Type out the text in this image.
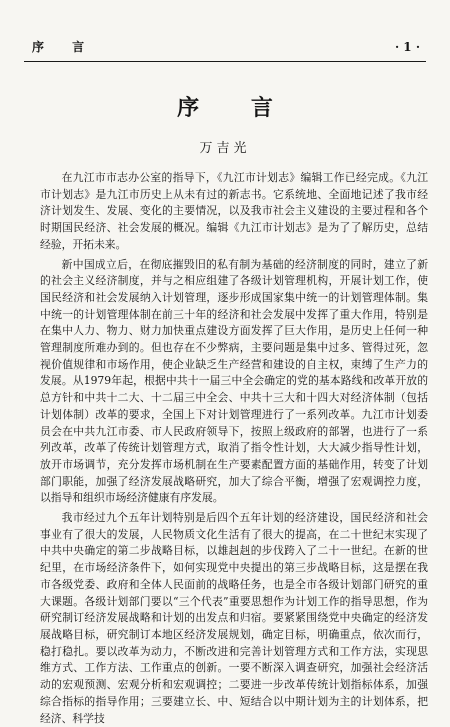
序 言	· 1 ·
序 言
万吉光

在九江市市志办公室的指导下，《九江市计划志》编辑工作已经完成。《九江市计划志》是九江市历史上从未有过的新志书。它系统地、全面地记述了我市经济计划发生、发展、变化的主要情况，以及我市社会主义建设的主要过程和各个时期国民经济、社会发展的概况。编辑《九江市计划志》是为了了解历史，总结经验，开拓未来。

新中国成立后，在彻底摧毁旧的私有制为基础的经济制度的同时，建立了新的社会主义经济制度，并与之相应组建了各级计划管理机构，开展计划工作，使国民经济和社会发展纳入计划管理，逐步形成国家集中统一的计划管理体制。集中统一的计划管理体制在前三十年的经济和社会发展中发挥了重大作用，特别是在集中人力、物力、财力加快重点建设方面发挥了巨大作用，是历史上任何一种管理制度所难办到的。但也存在不少弊病，主要问题是集中过多、管得过死，忽视价值规律和市场作用，使企业缺乏生产经营和建设的自主权，束缚了生产力的发展。从1979年起，根据中共十一届三中全会确定的党的基本路线和改革开放的总方针和中共十二大、十二届三中全会、中共十三大和十四大对经济体制（包括计划体制）改革的要求，全国上下对计划管理进行了一系列改革。九江市计划委员会在中共九江市委、市人民政府领导下，按照上级政府的部署，也进行了一系列改革，改革了传统计划管理方式，取消了指令性计划，大大减少指导性计划，放开市场调节，充分发挥市场机制在生产要素配置方面的基础作用，转变了计划部门职能，加强了经济发展战略研究，加大了综合平衡，增强了宏观调控力度，以指导和组织市场经济健康有序发展。

我市经过九个五年计划特别是后四个五年计划的经济建设，国民经济和社会事业有了很大的发展，人民物质文化生活有了很大的提高，在二十世纪末实现了中共中央确定的第二步战略目标，以雄赳赳的步伐跨入了二十一世纪。在新的世纪里，在市场经济条件下，如何实现党中央提出的第三步战略目标，这是摆在我市各级党委、政府和全体人民面前的战略任务，也是全市各级计划部门研究的重大课题。各级计划部门要以“三个代表”重要思想作为计划工作的指导思想，作为研究制订经济发展战略和计划的出发点和归宿。要紧紧围绕党中央确定的经济发展战略目标，研究制订本地区经济发展规划，确定目标，明确重点，依次而行，稳打稳扎。要以改革为动力，不断改进和完善计划管理方式和工作方法，实现思维方式、工作方法、工作重点的创新。一要不断深入调查研究，加强社会经济活动的宏观预测、宏观分析和宏观调控；二要进一步改革传统计划指标体系，加强综合指标的指导作用；三要建立长、中、短结合以中期计划为主的计划体系，把经济、科学技
